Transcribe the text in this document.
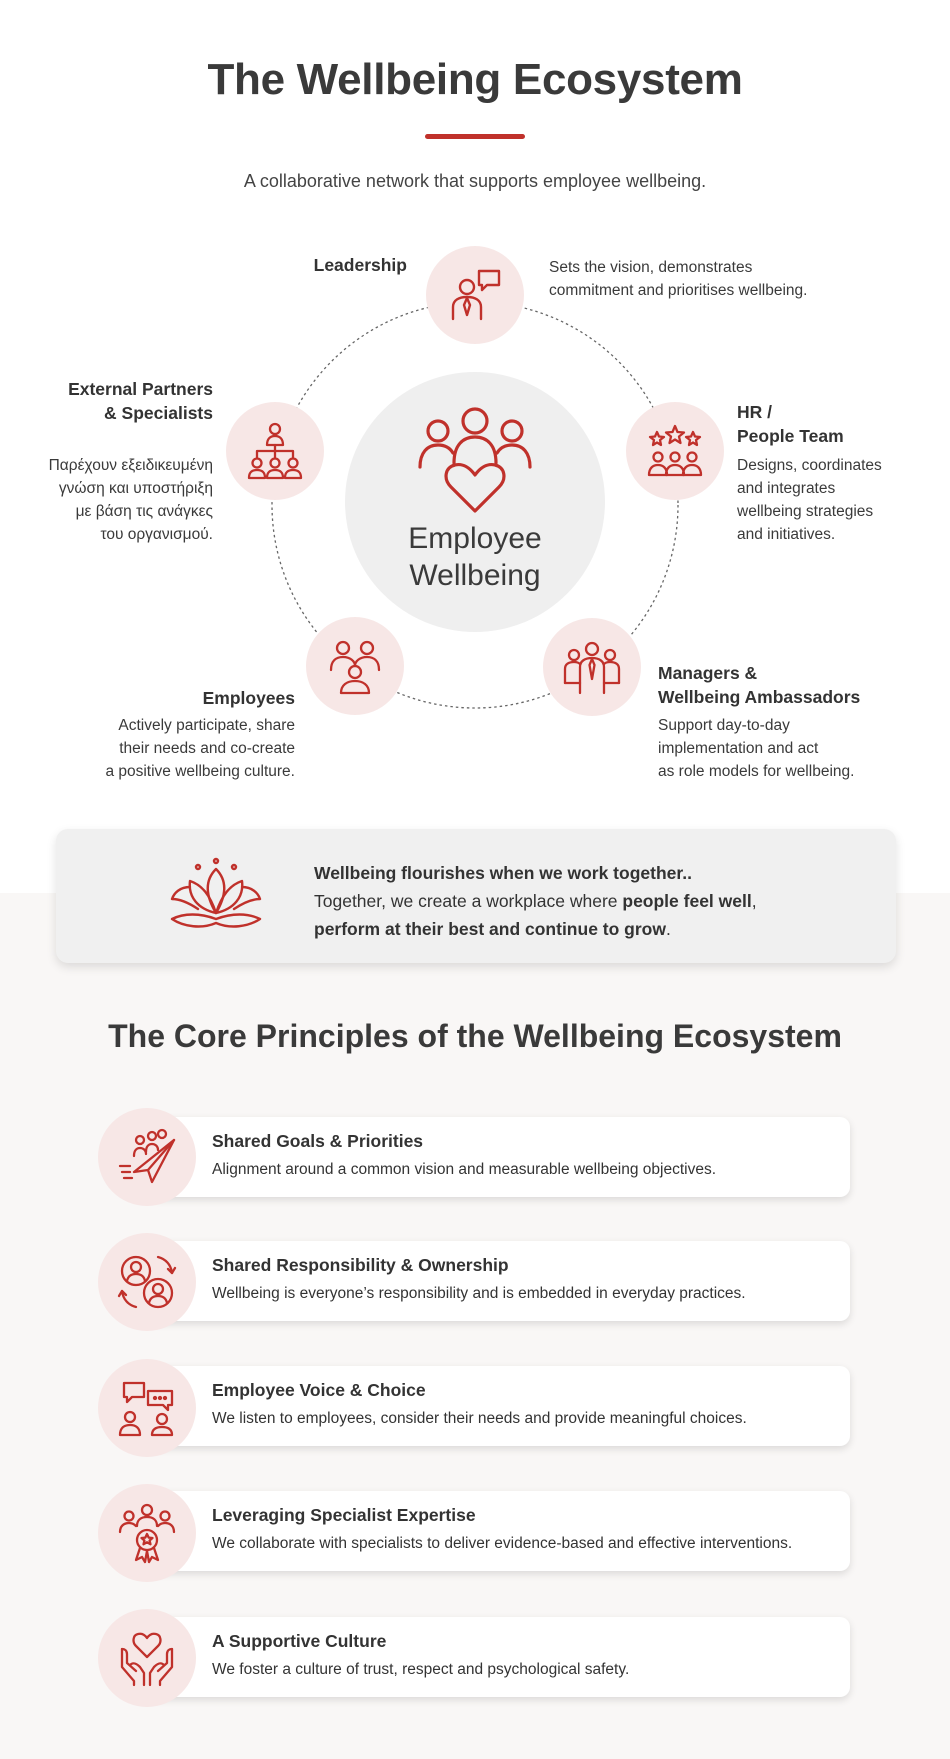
The Wellbeing Ecosystem

A collaborative network that supports employee wellbeing.

Employee
Wellbeing
Leadership	Sets the vision, demonstrates
commitment and prioritises wellbeing.
HR /
People Team
Designs, coordinates
and integrates
wellbeing strategies
and initiatives.
Managers &
Wellbeing Ambassadors
Support day-to-day
implementation and act
as role models for wellbeing.
Employees
Actively participate, share
their needs and co-create
a positive wellbeing culture.
External Partners
& Specialists
Παρέχουν εξειδικευμένη
γνώση και υποστήριξη
με βάση τις ανάγκες
του οργανισμού.
Wellbeing flourishes when we work together..
Together, we create a workplace where people feel well,
perform at their best and continue to grow.
The Core Principles of the Wellbeing Ecosystem
Shared Goals & Priorities
Alignment around a common vision and measurable wellbeing objectives.
Shared Responsibility & Ownership
Wellbeing is everyone’s responsibility and is embedded in everyday practices.
Employee Voice & Choice
We listen to employees, consider their needs and provide meaningful choices.
Leveraging Specialist Expertise
We collaborate with specialists to deliver evidence-based and effective interventions.
A Supportive Culture
We foster a culture of trust, respect and psychological safety.
